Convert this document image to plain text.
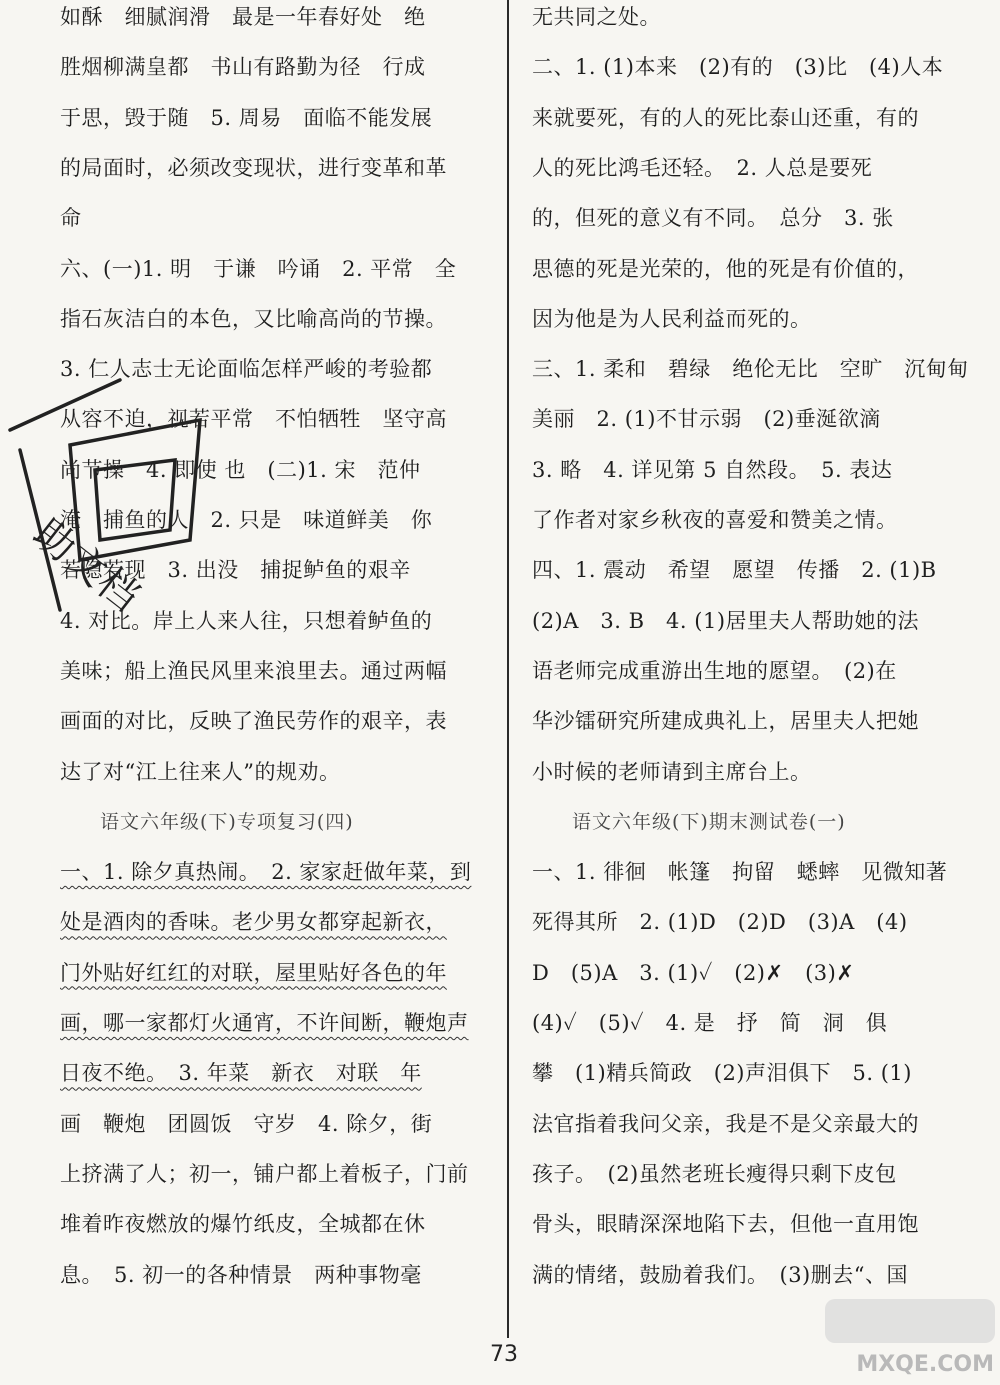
如酥　细腻润滑　最是一年春好处　绝
胜烟柳满皇都　书山有路勤为径　行成
于思，毁于随　5. 周易　面临不能发展
的局面时，必须改变现状，进行变革和革
命
六、(一)1. 明　于谦　吟诵　2. 平常　全
指石灰洁白的本色，又比喻高尚的节操。
3. 仁人志士无论面临怎样严峻的考验都
从容不迫，视若平常　不怕牺牲　坚守高
尚节操　4. 即使 也　(二)1. 宋　范仲
淹　捕鱼的人　2. 只是　味道鲜美　你
若隐若现　3. 出没　捕捉鲈鱼的艰辛
4. 对比。岸上人来人往，只想着鲈鱼的
美味；船上渔民风里来浪里去。通过两幅
画面的对比，反映了渔民劳作的艰辛，表
达了对“江上往来人”的规劝。
语文六年级(下)专项复习(四)
一、1. 除夕真热闹。　2. 家家赶做年菜，到
处是酒肉的香味。老少男女都穿起新衣，
门外贴好红红的对联，屋里贴好各色的年
画，哪一家都灯火通宵，不许间断，鞭炮声
日夜不绝。　3. 年菜　新衣　对联　年
画　鞭炮　团圆饭　守岁　4. 除夕，街
上挤满了人；初一，铺户都上着板子，门前
堆着昨夜燃放的爆竹纸皮，全城都在休
息。　5. 初一的各种情景　两种事物毫
无共同之处。
二、1. (1)本来　(2)有的　(3)比　(4)人本
来就要死，有的人的死比泰山还重，有的
人的死比鸿毛还轻。　2. 人总是要死
的，但死的意义有不同。　总分　3. 张
思德的死是光荣的，他的死是有价值的，
因为他是为人民利益而死的。
三、1. 柔和　碧绿　绝伦无比　空旷　沉甸甸
美丽　2. (1)不甘示弱　(2)垂涎欲滴
3. 略　4. 详见第 5 自然段。　5. 表达
了作者对家乡秋夜的喜爱和赞美之情。
四、1. 震动　希望　愿望　传播　2. (1)B
(2)A　3. B　4. (1)居里夫人帮助她的法
语老师完成重游出生地的愿望。　(2)在
华沙镭研究所建成典礼上，居里夫人把她
小时候的老师请到主席台上。
语文六年级(下)期末测试卷(一)
一、1. 徘徊　帐篷　拘留　蟋蟀　见微知著
死得其所　2. (1)D　(2)D　(3)A　(4)
D　(5)A　3. (1)✓　(2)✗　(3)✗
(4)✓　(5)✓　4. 是　抒　简　洞　俱
攀　(1)精兵简政　(2)声泪俱下　5. (1)
法官指着我问父亲，我是不是父亲最大的
孩子。　(2)虽然老班长瘦得只剩下皮包
骨头，眼睛深深地陷下去，但他一直用饱
满的情绪，鼓励着我们。　(3)删去“、国
助文档
MXQE.COM
73
